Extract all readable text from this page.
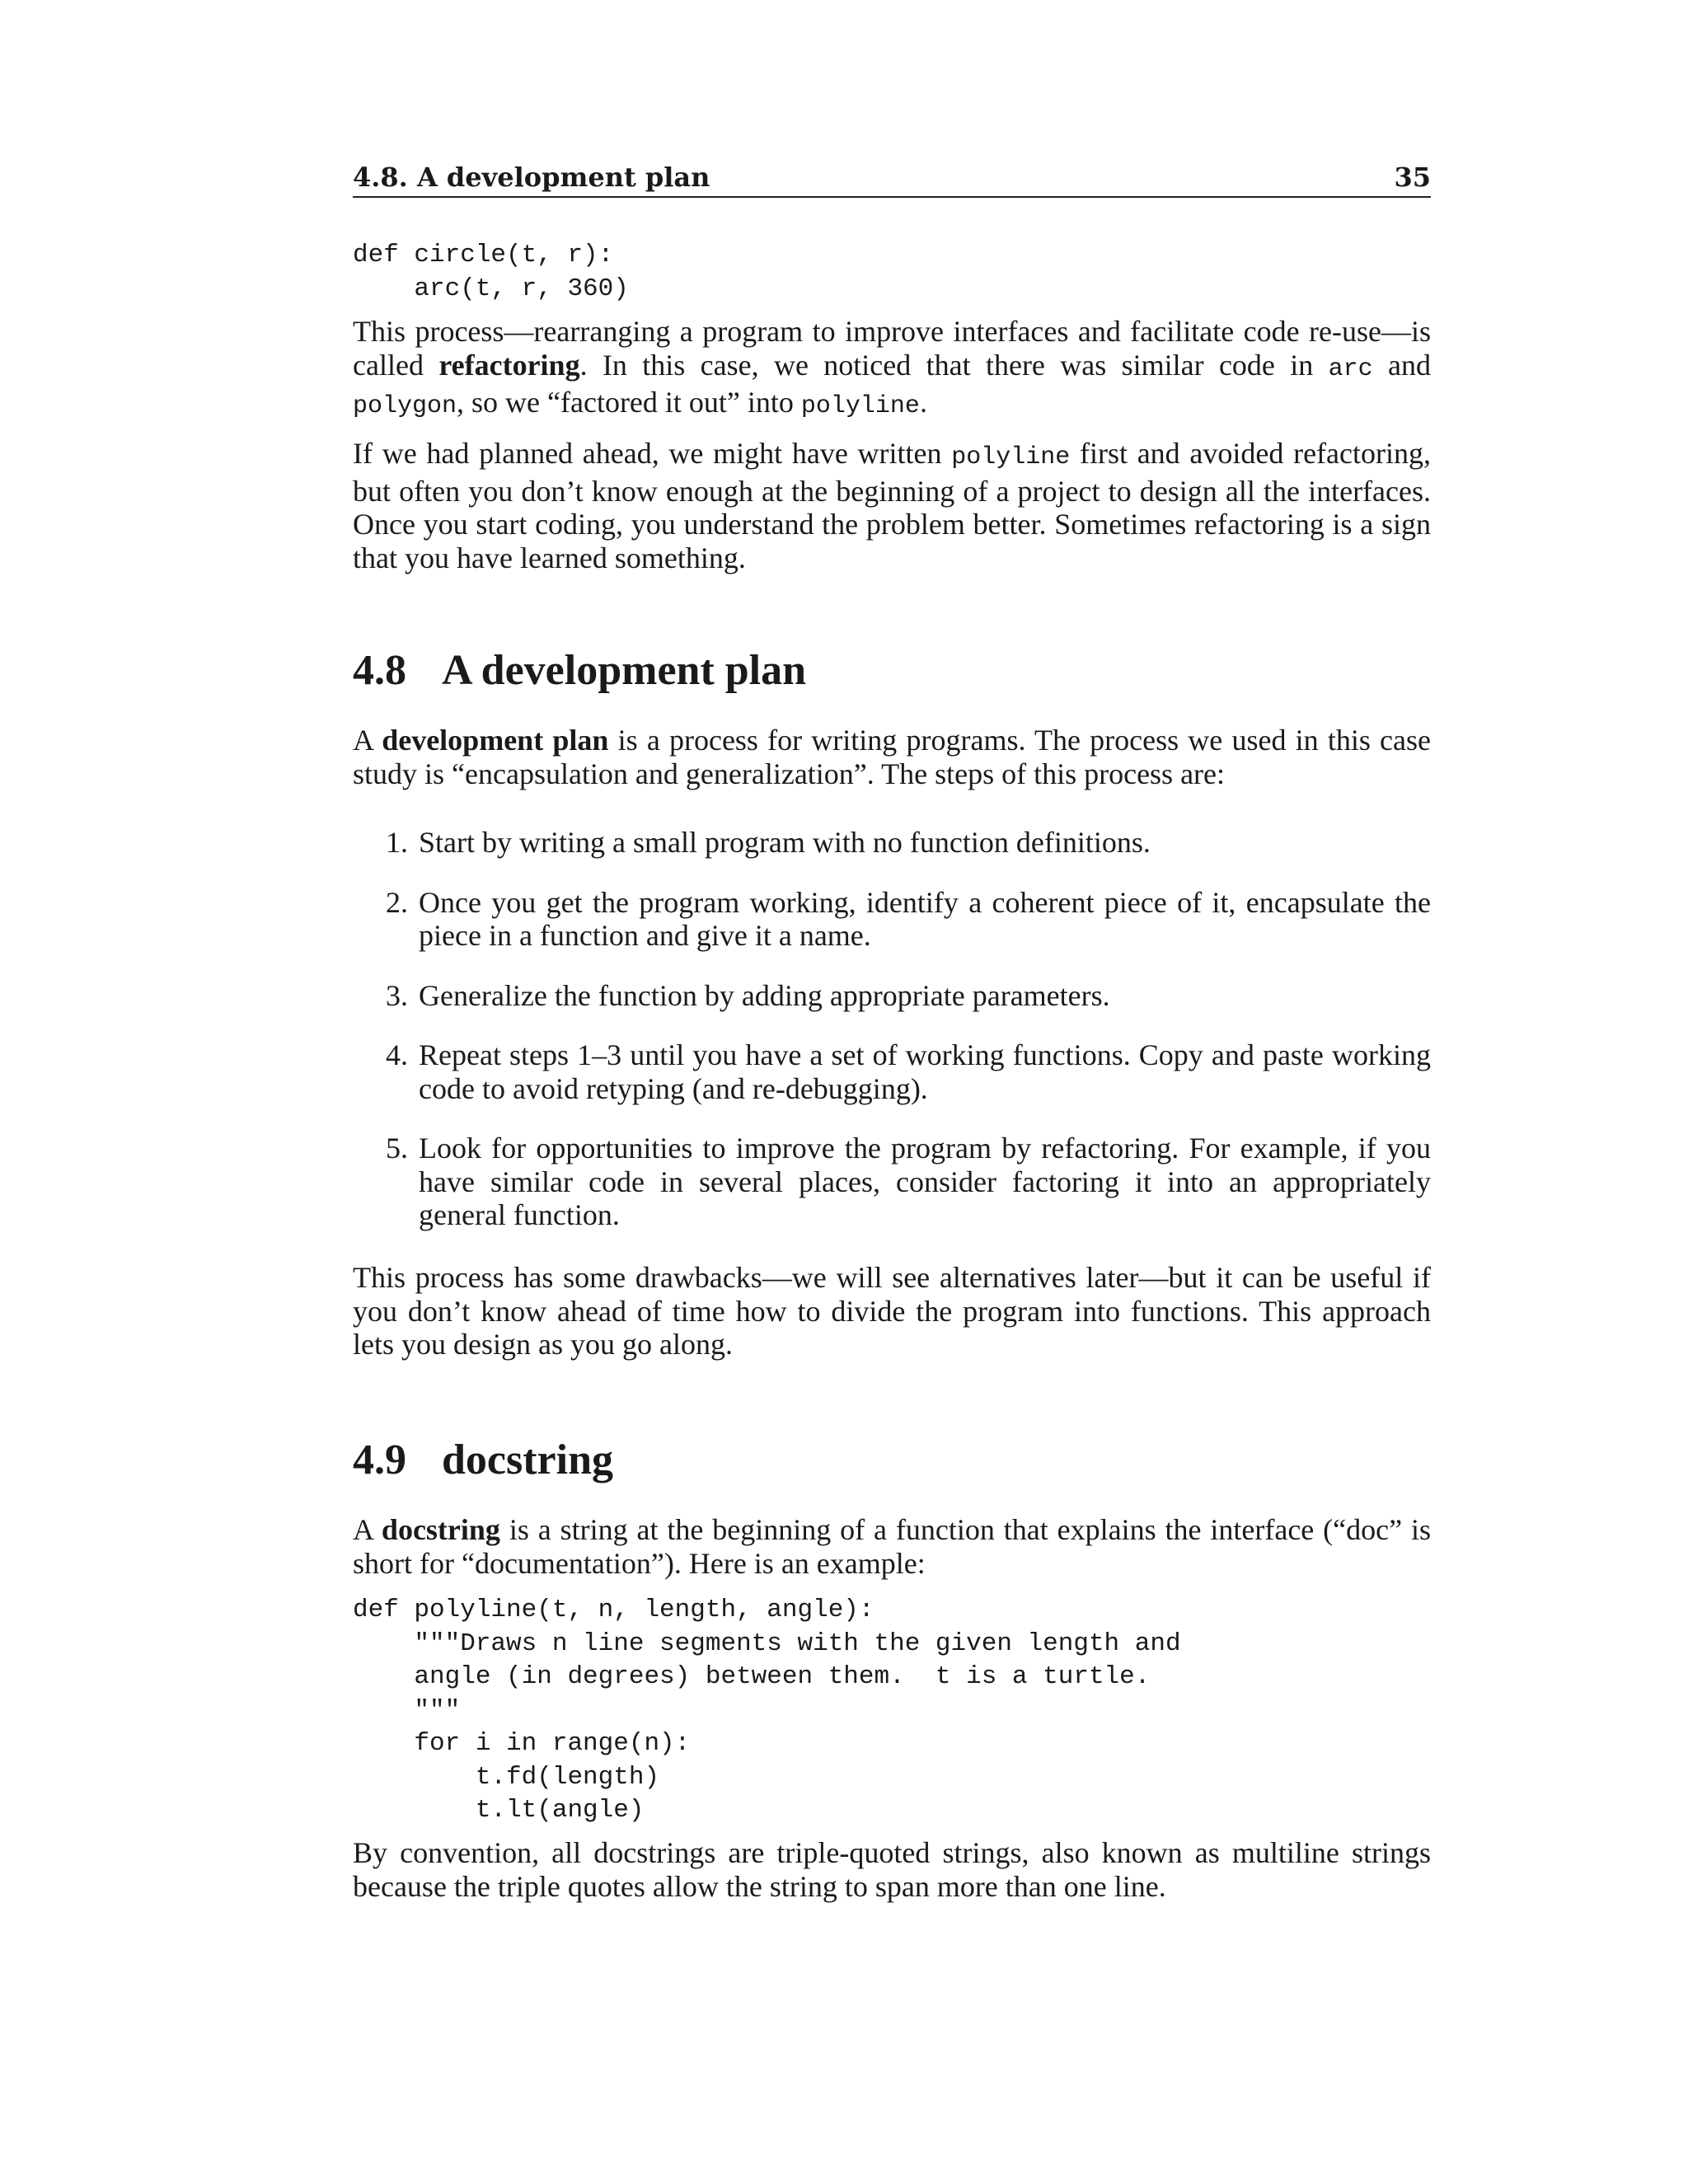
4.8. A development plan	35
def circle(t, r):
arc(t, r, 360)

This process—rearranging a program to improve interfaces and facilitate code re-use—is called refactoring. In this case, we noticed that there was similar code in arc and polygon, so we “factored it out” into polyline.

If we had planned ahead, we might have written polyline first and avoided refactoring, but often you don’t know enough at the beginning of a project to design all the interfaces. Once you start coding, you understand the problem better. Sometimes refactoring is a sign that you have learned something.

4.8 A development plan

A development plan is a process for writing programs. The process we used in this case study is “encapsulation and generalization”. The steps of this process are:

1. Start by writing a small program with no function definitions.
2. Once you get the program working, identify a coherent piece of it, encapsulate the piece in a function and give it a name.
3. Generalize the function by adding appropriate parameters.
4. Repeat steps 1–3 until you have a set of working functions. Copy and paste working code to avoid retyping (and re-debugging).
5. Look for opportunities to improve the program by refactoring. For example, if you have similar code in several places, consider factoring it into an appropriately general function.

This process has some drawbacks—we will see alternatives later—but it can be useful if you don’t know ahead of time how to divide the program into functions. This approach lets you design as you go along.

4.9 docstring

A docstring is a string at the beginning of a function that explains the interface (“doc” is short for “documentation”). Here is an example:

def polyline(t, n, length, angle):
"""Draws n line segments with the given length and
angle (in degrees) between them.  t is a turtle.
"""
for i in range(n):
t.fd(length)
t.lt(angle)

By convention, all docstrings are triple-quoted strings, also known as multiline strings because the triple quotes allow the string to span more than one line.
